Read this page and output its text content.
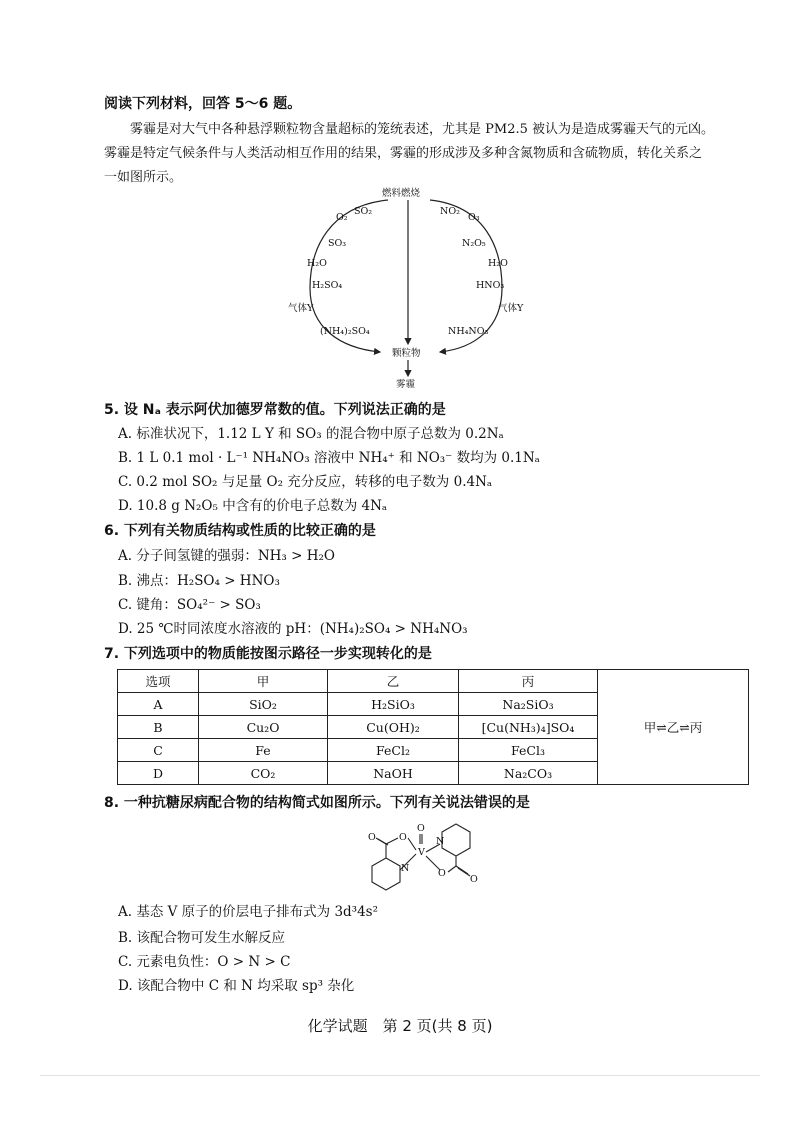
阅读下列材料，回答 5～6 题。
雾霾是对大气中各种悬浮颗粒物含量超标的笼统表述，尤其是 PM2.5 被认为是造成雾霾天气的元凶。雾霾是特定气候条件与人类活动相互作用的结果，雾霾的形成涉及多种含氮物质和含硫物质，转化关系之一如图所示。
燃料燃烧
O₂
SO₂
SO₃
H₂O
H₂SO₄
气体Y
(NH₄)₂SO₄
NO₂
O₃
N₂O₅
H₂O
HNO₃
气体Y
NH₄NO₃
颗粒物
雾霾
5. 设 Nₐ 表示阿伏加德罗常数的值。下列说法正确的是
A. 标准状况下，1.12 L Y 和 SO₃ 的混合物中原子总数为 0.2Nₐ
B. 1 L 0.1 mol · L⁻¹ NH₄NO₃ 溶液中 NH₄⁺ 和 NO₃⁻ 数均为 0.1Nₐ
C. 0.2 mol SO₂ 与足量 O₂ 充分反应，转移的电子数为 0.4Nₐ
D. 10.8 g N₂O₅ 中含有的价电子总数为 4Nₐ
6. 下列有关物质结构或性质的比较正确的是
A. 分子间氢键的强弱：NH₃ > H₂O
B. 沸点：H₂SO₄ > HNO₃
C. 键角：SO₄²⁻ > SO₃
D. 25 ℃时同浓度水溶液的 pH：(NH₄)₂SO₄ > NH₄NO₃
7. 下列选项中的物质能按图示路径一步实现转化的是
选项	甲	乙	丙	甲⇌乙⇌丙
A	SiO₂	H₂SiO₃	Na₂SiO₃	
B	Cu₂O	Cu(OH)₂	[Cu(NH₃)₄]SO₄	
C	Fe	FeCl₂	FeCl₃	
D	CO₂	NaOH	Na₂CO₃	
8. 一种抗糖尿病配合物的结构简式如图所示。下列有关说法错误的是
O O
V
N
N
O
O
O
A. 基态 V 原子的价层电子排布式为 3d³4s²
B. 该配合物可发生水解反应
C. 元素电负性：O > N > C
D. 该配合物中 C 和 N 均采取 sp³ 杂化
化学试题　第 2 页(共 8 页)
